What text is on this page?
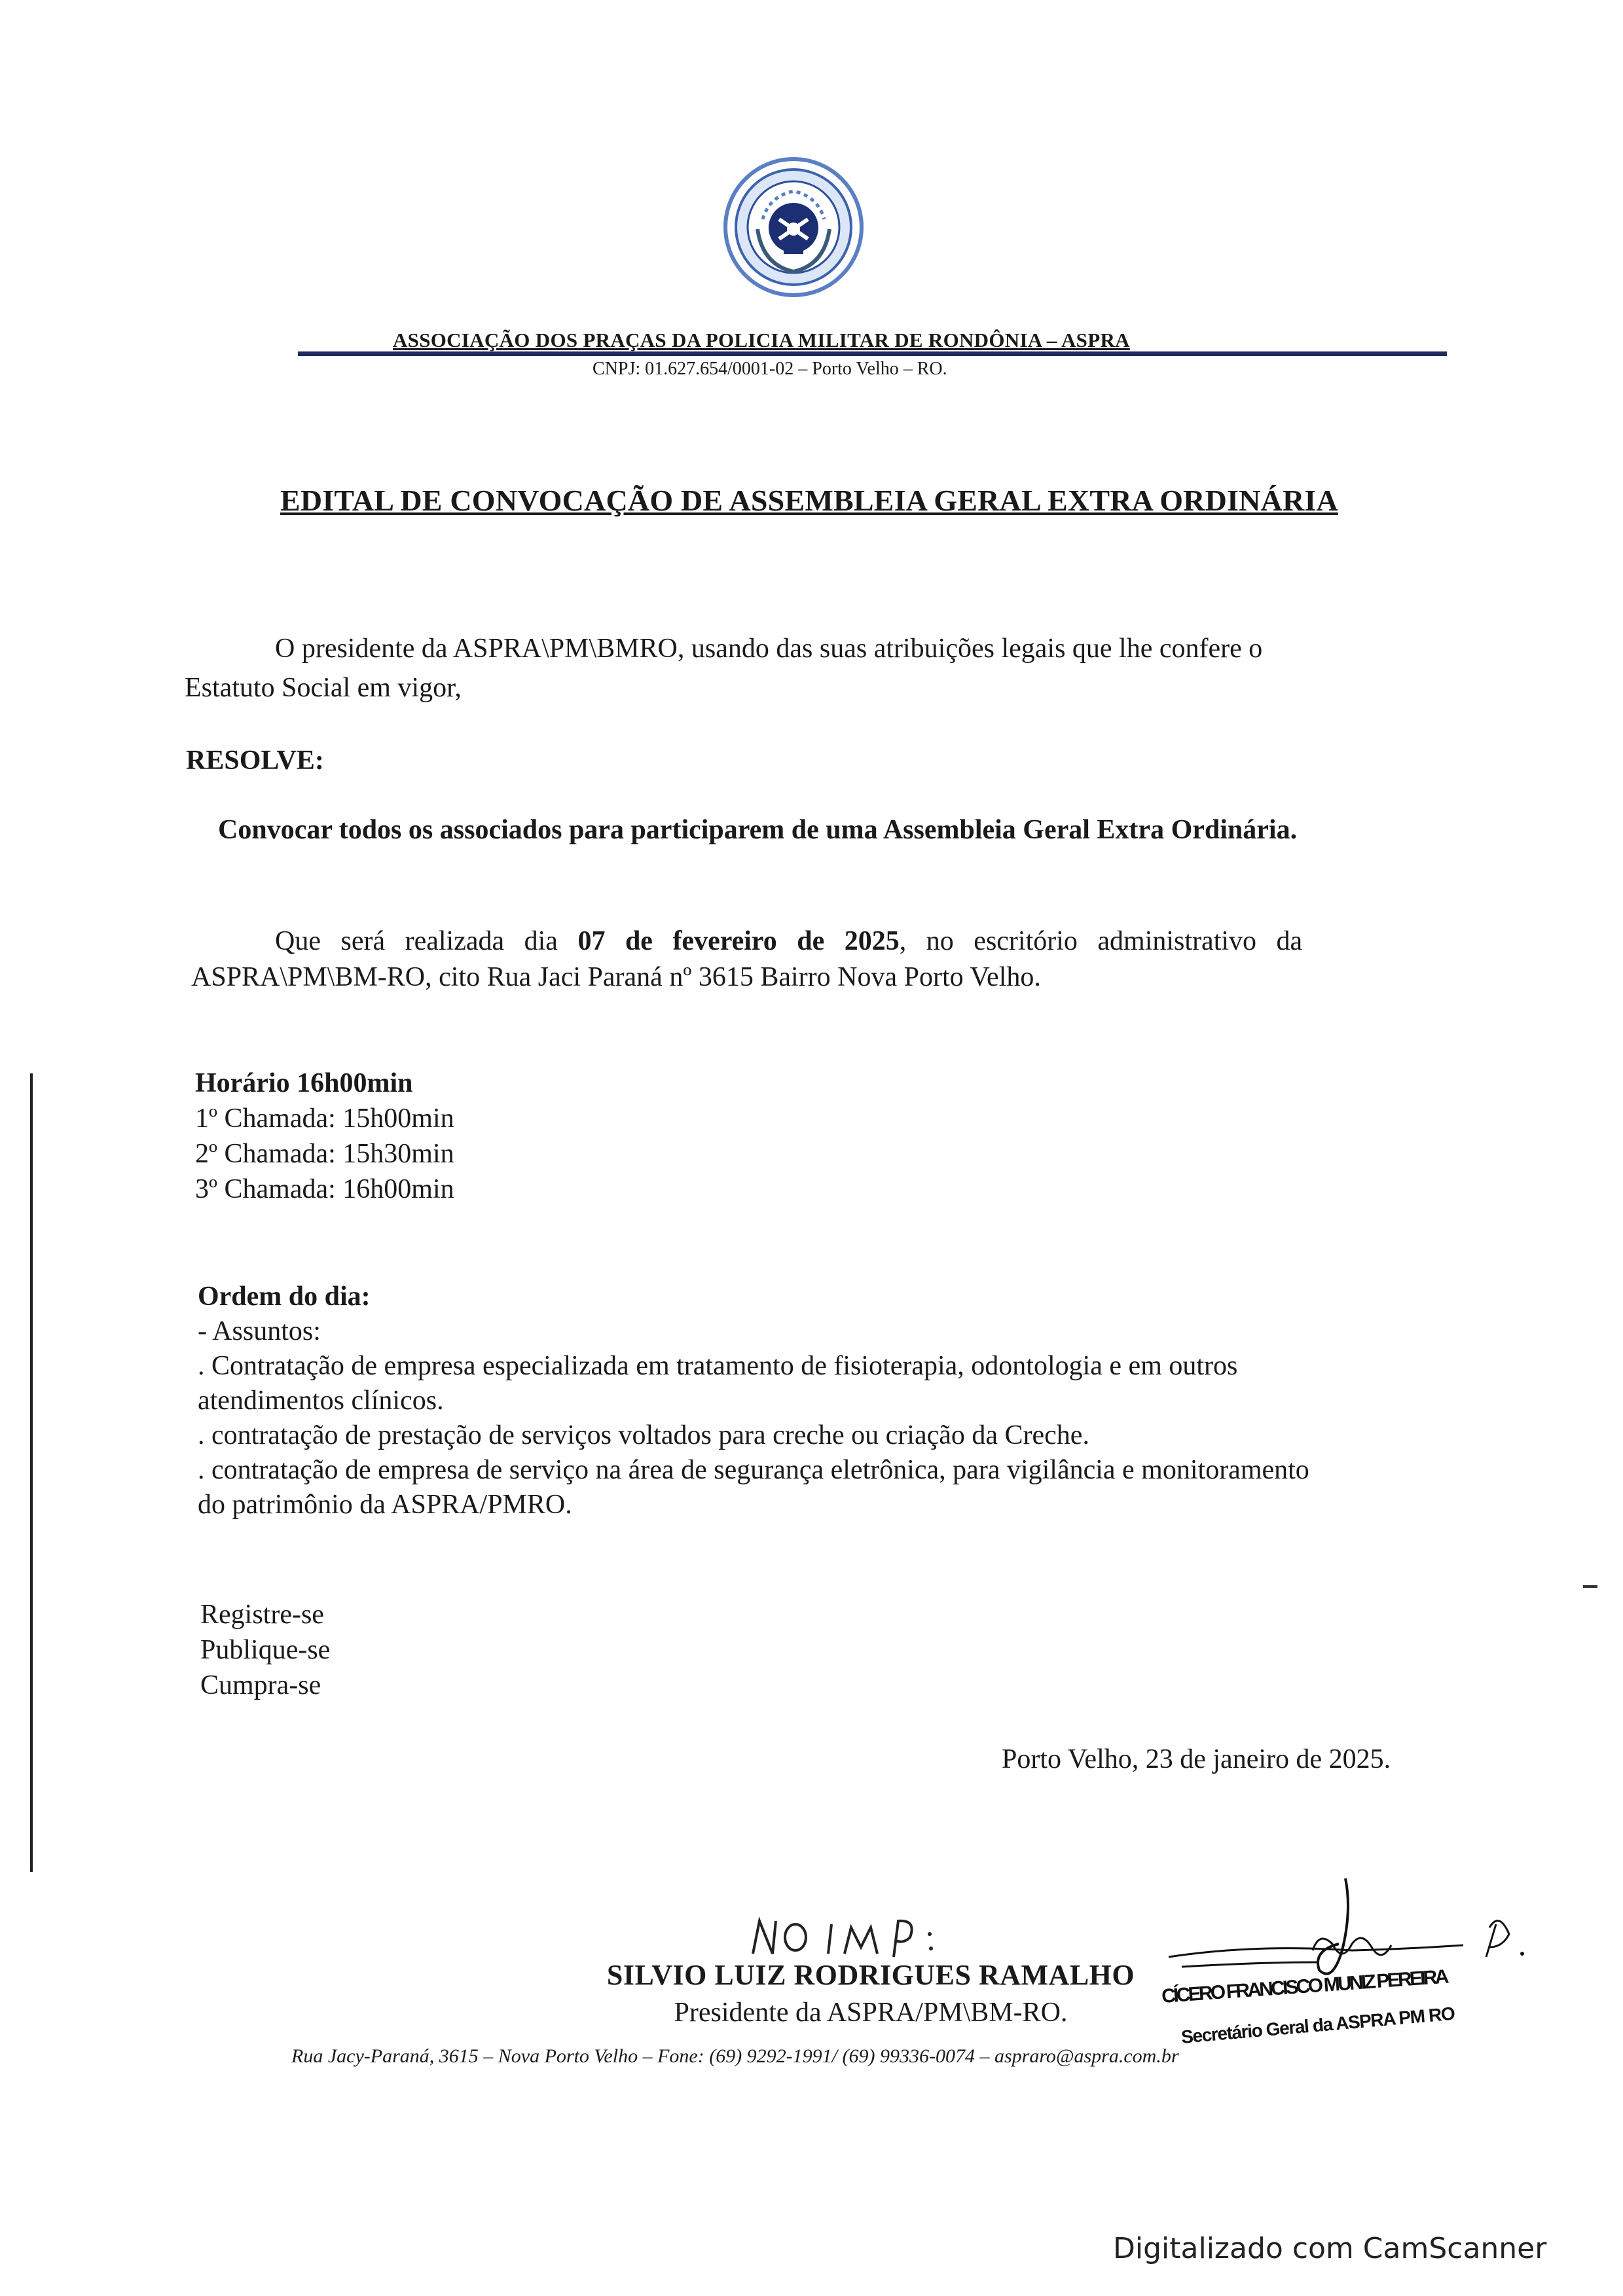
ASSOCIAÇÃO DOS PRAÇAS DA POLICIA MILITAR DE RONDÔNIA – ASPRA
CNPJ: 01.627.654/0001-02 – Porto Velho – RO.
EDITAL DE CONVOCAÇÃO DE ASSEMBLEIA GERAL EXTRA ORDINÁRIA
O presidente da ASPRA\PM\BMRO, usando das suas atribuições legais que lhe confere o
Estatuto Social em vigor,
RESOLVE:
Convocar todos os associados para participarem de uma Assembleia Geral Extra Ordinária.
Que será realizada dia 07 de fevereiro de 2025, no escritório administrativo da
ASPRA\PM\BM-RO, cito Rua Jaci Paraná nº 3615 Bairro Nova Porto Velho.
Horário 16h00min
1º Chamada: 15h00min
2º Chamada: 15h30min
3º Chamada: 16h00min
Ordem do dia:
- Assuntos:
. Contratação de empresa especializada em tratamento de fisioterapia, odontologia e em outros
atendimentos clínicos.
. contratação de prestação de serviços voltados para creche ou criação da Creche.
. contratação de empresa de serviço na área de segurança eletrônica, para vigilância e monitoramento
do patrimônio da ASPRA/PMRO.
Registre-se
Publique-se
Cumpra-se
Porto Velho, 23 de janeiro de 2025.
SILVIO LUIZ RODRIGUES RAMALHO
Presidente da ASPRA/PM\BM-RO.
CÍCERO FRANCISCO MUNIZ PEREIRA
Secretário Geral da ASPRA PM RO
Rua Jacy-Paraná, 3615 – Nova Porto Velho – Fone: (69) 9292-1991/ (69) 99336-0074 – aspraro@aspra.com.br
Digitalizado com CamScanner
